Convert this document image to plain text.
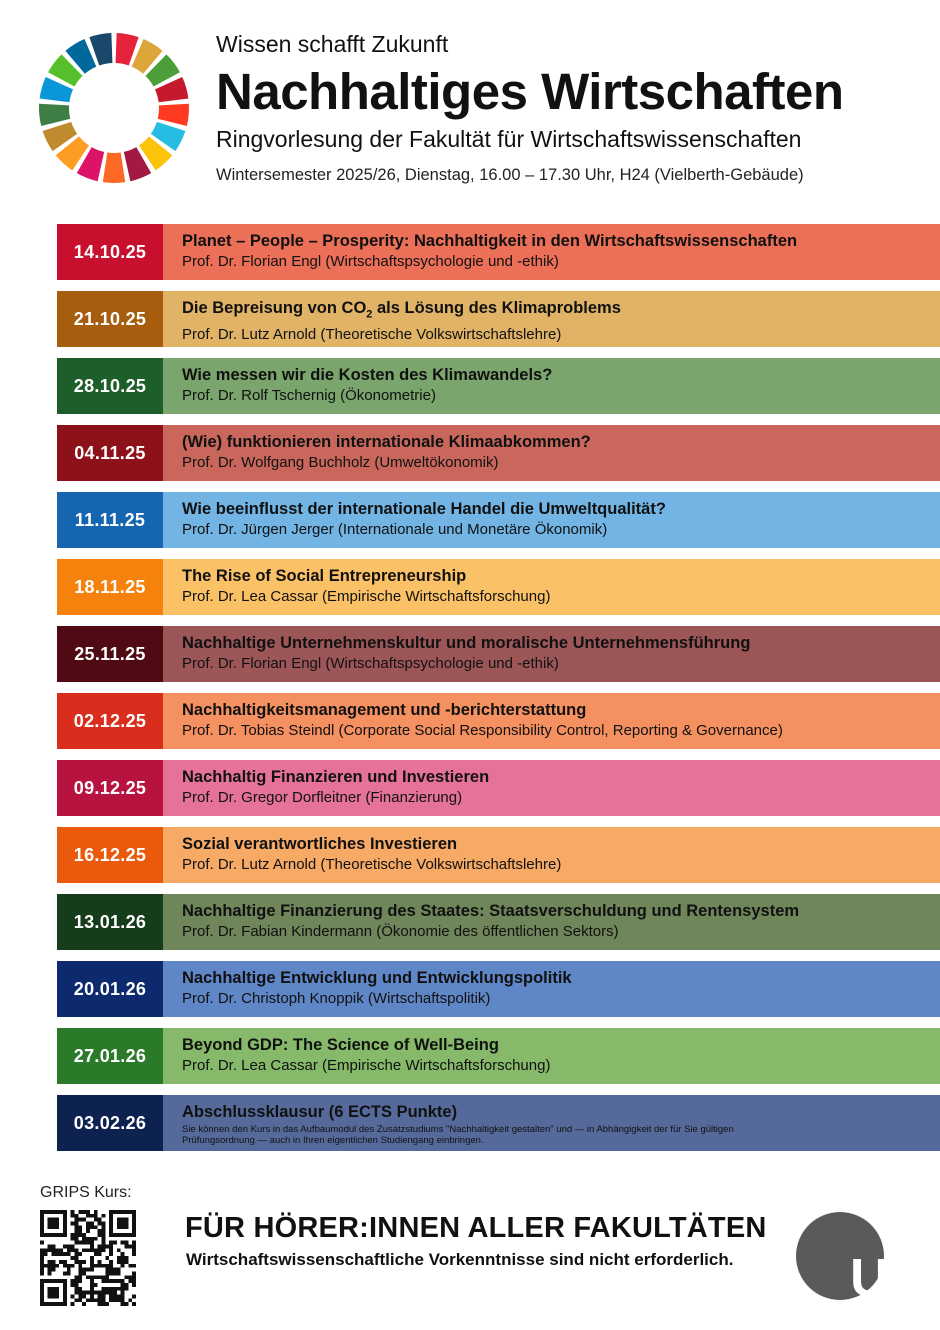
Wissen schafft Zukunft
Nachhaltiges Wirtschaften
Ringvorlesung der Fakultät für Wirtschaftswissenschaften
Wintersemester 2025/26, Dienstag, 16.00 – 17.30 Uhr, H24 (Vielberth-Gebäude)
14.10.25
Planet – People – Prosperity: Nachhaltigkeit in den Wirtschaftswissenschaften
Prof. Dr. Florian Engl (Wirtschaftspsychologie und -ethik)
21.10.25
Die Bepreisung von $CO_2$ als Lösung des Klimaproblems
Prof. Dr. Lutz Arnold (Theoretische Volkswirtschaftslehre)
28.10.25
Wie messen wir die Kosten des Klimawandels?
Prof. Dr. Rolf Tschernig (Ökonometrie)
04.11.25
(Wie) funktionieren internationale Klimaabkommen?
Prof. Dr. Wolfgang Buchholz (Umweltökonomik)
11.11.25
Wie beeinflusst der internationale Handel die Umweltqualität?
Prof. Dr. Jürgen Jerger (Internationale und Monetäre Ökonomik)
18.11.25
The Rise of Social Entrepreneurship
Prof. Dr. Lea Cassar (Empirische Wirtschaftsforschung)
25.11.25
Nachhaltige Unternehmenskultur und moralische Unternehmensführung
Prof. Dr. Florian Engl (Wirtschaftspsychologie und -ethik)
02.12.25
Nachhaltigkeitsmanagement und -berichterstattung
Prof. Dr. Tobias Steindl (Corporate Social Responsibility Control, Reporting & Governance)
09.12.25
Nachhaltig Finanzieren und Investieren
Prof. Dr. Gregor Dorfleitner (Finanzierung)
16.12.25
Sozial verantwortliches Investieren
Prof. Dr. Lutz Arnold (Theoretische Volkswirtschaftslehre)
13.01.26
Nachhaltige Finanzierung des Staates: Staatsverschuldung und Rentensystem
Prof. Dr. Fabian Kindermann (Ökonomie des öffentlichen Sektors)
20.01.26
Nachhaltige Entwicklung und Entwicklungspolitik
Prof. Dr. Christoph Knoppik (Wirtschaftspolitik)
27.01.26
Beyond GDP: The Science of Well-Being
Prof. Dr. Lea Cassar (Empirische Wirtschaftsforschung)
03.02.26
Abschlussklausur (6 ECTS Punkte)
Sie können den Kurs in das Aufbaumodul des Zusatzstudiums "Nachhaltigkeit gestalten" und — in Abhängigkeit der für Sie gültigen Prüfungsordnung — auch in Ihren eigentlichen Studiengang einbringen.
GRIPS Kurs:
FÜR HÖRER:INNEN ALLER FAKULTÄTEN
Wirtschaftswissenschaftliche Vorkenntnisse sind nicht erforderlich. UR
